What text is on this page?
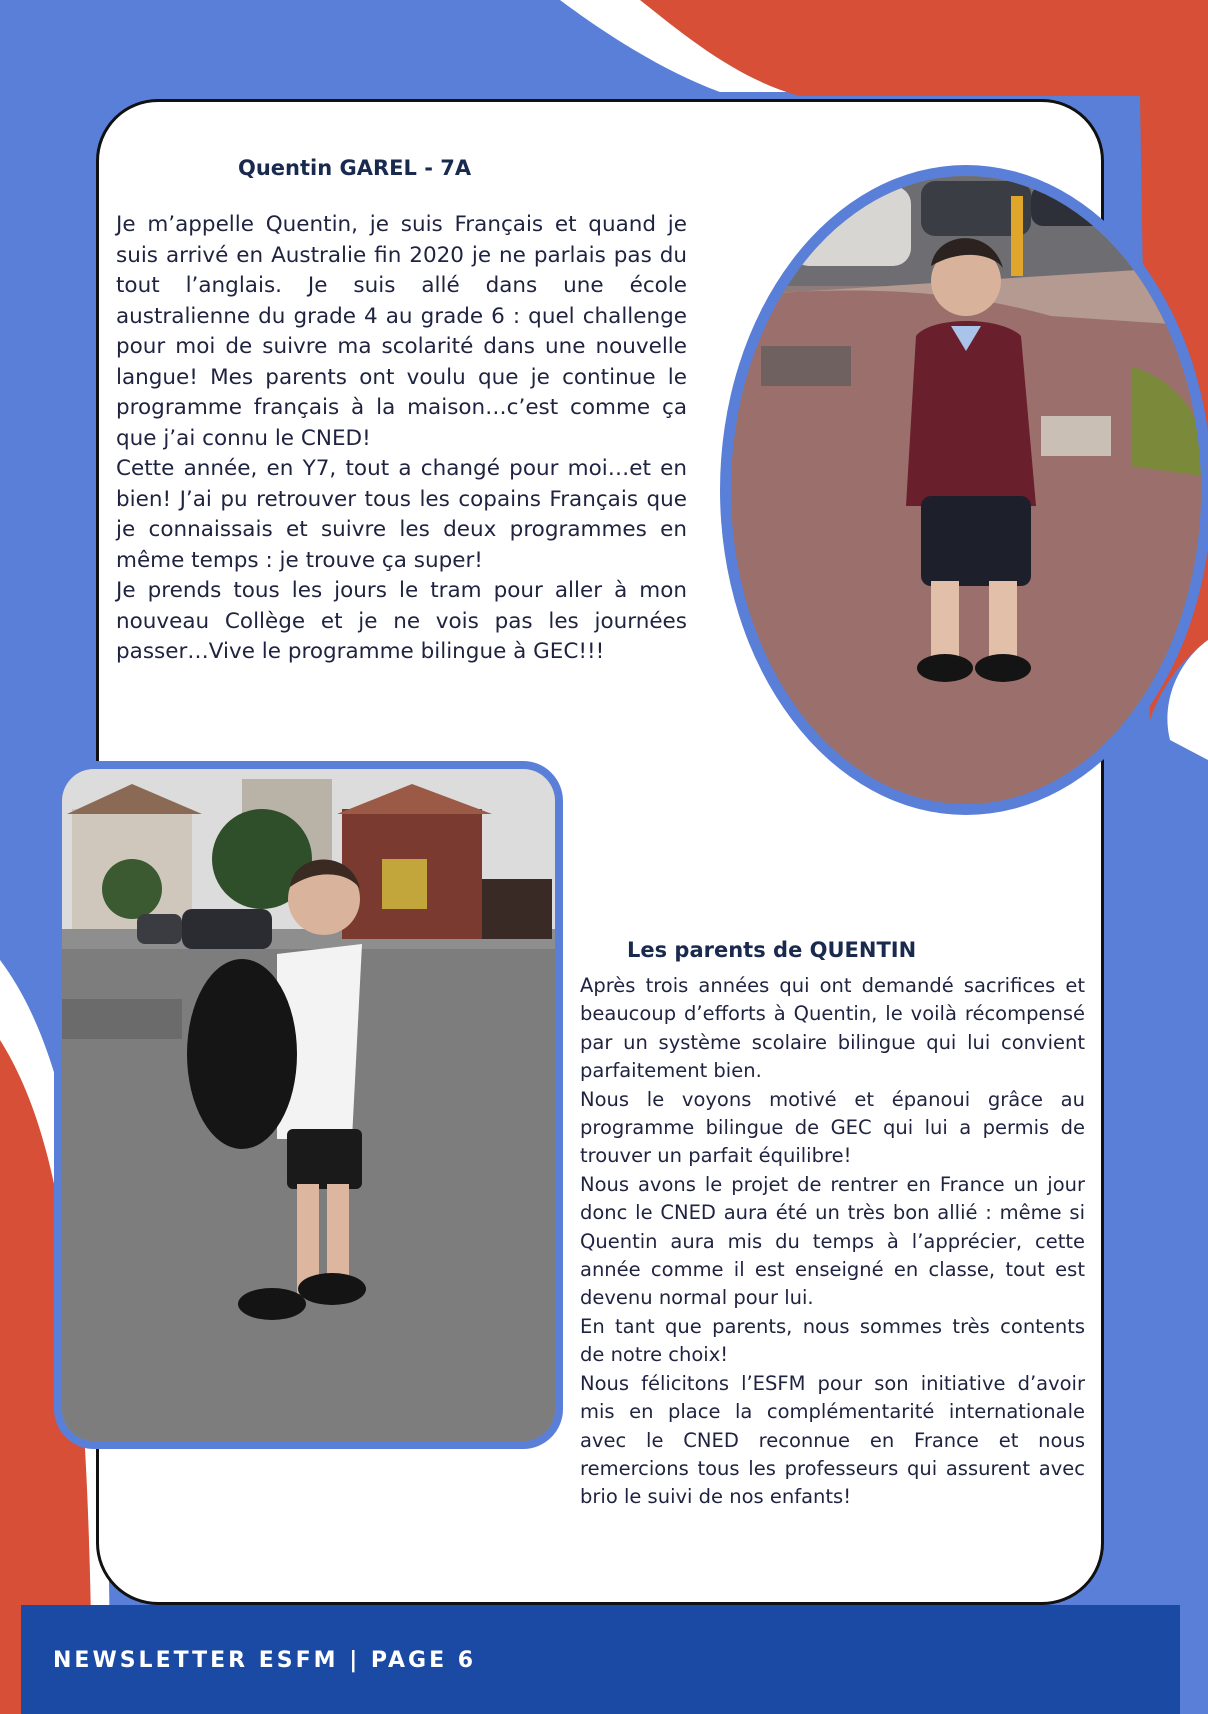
Quentin GAREL - 7A

Je m’appelle Quentin, je suis Français et quand je suis arrivé en Australie fin 2020 je ne parlais pas du tout l’anglais. Je suis allé dans une école australienne du grade 4 au grade 6 : quel challenge pour moi de suivre ma scolarité dans une nouvelle langue! Mes parents ont voulu que je continue le programme français à la maison…c’est comme ça que j’ai connu le CNED!

Cette année, en Y7, tout a changé pour moi…et en bien! J’ai pu retrouver tous les copains Français que je connaissais et suivre les deux programmes en même temps : je trouve ça super!

Je prends tous les jours le tram pour aller à mon nouveau Collège et je ne vois pas les journées passer…Vive le programme bilingue à GEC!!!

Les parents de QUENTIN

Après trois années qui ont demandé sacrifices et beaucoup d’efforts à Quentin, le voilà récompensé par un système scolaire bilingue qui lui convient parfaitement bien.

Nous le voyons motivé et épanoui grâce au programme bilingue de GEC qui lui a permis de trouver un parfait équilibre!

Nous avons le projet de rentrer en France un jour donc le CNED aura été un très bon allié : même si Quentin aura mis du temps à l’apprécier, cette année comme il est enseigné en classe, tout est devenu normal pour lui.

En tant que parents, nous sommes très contents de notre choix!

Nous félicitons l’ESFM pour son initiative d’avoir mis en place la complémentarité internationale avec le CNED reconnue en France et nous remercions tous les professeurs qui assurent avec brio le suivi de nos enfants!

NEWSLETTER ESFM | PAGE 6
